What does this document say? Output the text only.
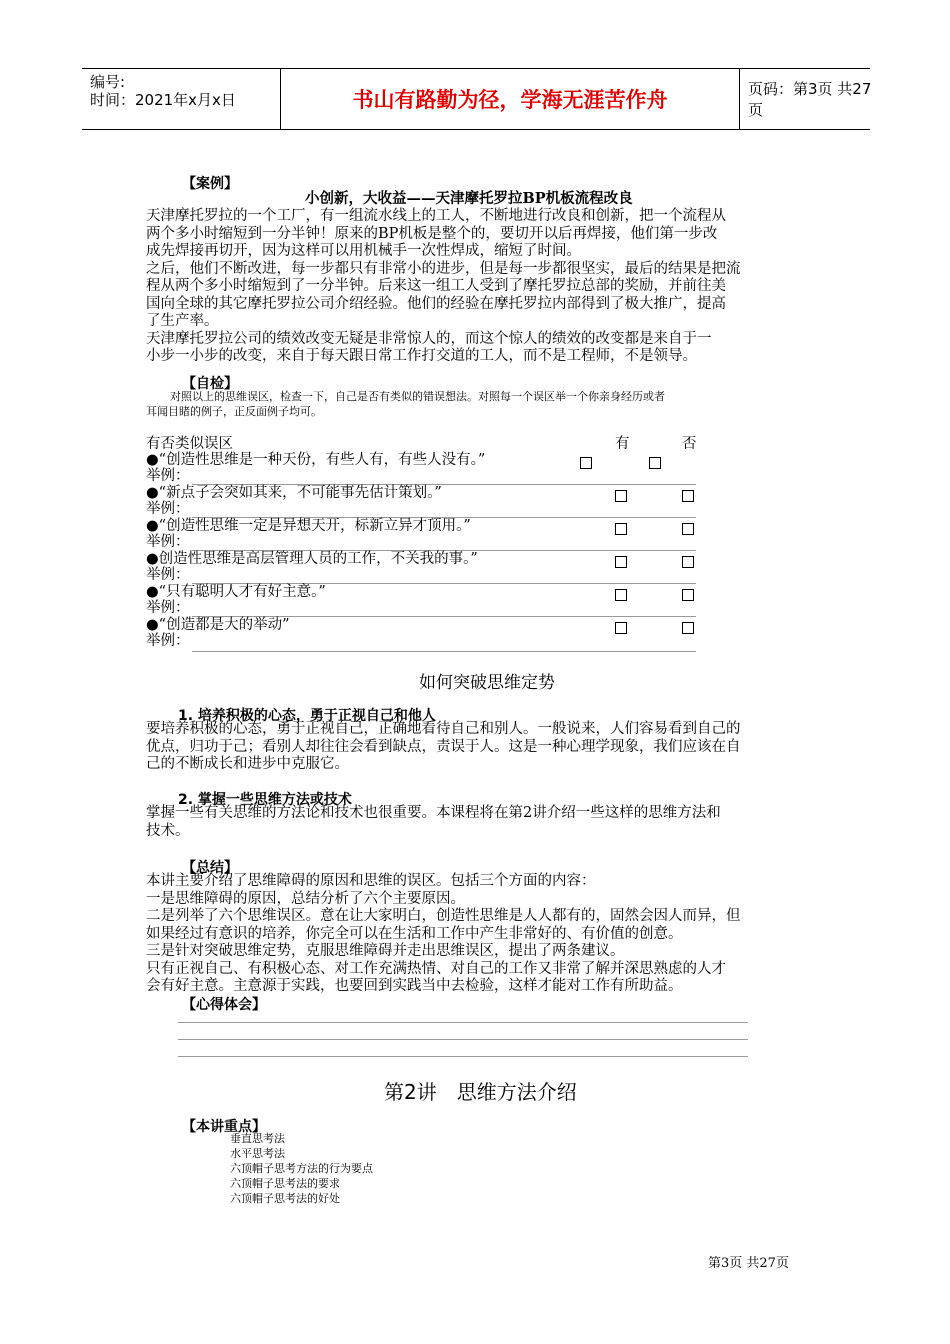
编号:
时间：2021年x月x日	书山有路勤为径，学海无涯苦作舟	页码：第3页 共27页
【案例】
小创新，大收益——天津摩托罗拉BP机板流程改良
天津摩托罗拉的一个工厂，有一组流水线上的工人，不断地进行改良和创新，把一个流程从
两个多小时缩短到一分半钟！原来的BP机板是整个的，要切开以后再焊接，他们第一步改
成先焊接再切开，因为这样可以用机械手一次性焊成，缩短了时间。
之后，他们不断改进，每一步都只有非常小的进步，但是每一步都很坚实，最后的结果是把流
程从两个多小时缩短到了一分半钟。后来这一组工人受到了摩托罗拉总部的奖励，并前往美
国向全球的其它摩托罗拉公司介绍经验。他们的经验在摩托罗拉内部得到了极大推广，提高
了生产率。
天津摩托罗拉公司的绩效改变无疑是非常惊人的，而这个惊人的绩效的改变都是来自于一
小步一小步的改变，来自于每天跟日常工作打交道的工人，而不是工程师，不是领导。
【自检】
对照以上的思维误区，检查一下，自己是否有类似的错误想法。对照每一个误区举一个你亲身经历或者
耳闻目睹的例子，正反面例子均可。
有否类似误区	有	否
●“创造性思维是一种天份，有些人有，有些人没有。”
举例：
●“新点子会突如其来，不可能事先估计策划。”
举例：
●“创造性思维一定是异想天开，标新立异才顶用。”
举例：
●创造性思维是高层管理人员的工作，不关我的事。”
举例：
●“只有聪明人才有好主意。”
举例：
●“创造都是大的举动”
举例：
如何突破思维定势
1. 培养积极的心态，勇于正视自己和他人
要培养积极的心态，勇于正视自己，正确地看待自己和别人。一般说来，人们容易看到自己的
优点，归功于己；看别人却往往会看到缺点，责误于人。这是一种心理学现象，我们应该在自
己的不断成长和进步中克服它。
2. 掌握一些思维方法或技术
掌握一些有关思维的方法论和技术也很重要。本课程将在第2讲介绍一些这样的思维方法和
技术。
【总结】
本讲主要介绍了思维障碍的原因和思维的误区。包括三个方面的内容：
一是思维障碍的原因，总结分析了六个主要原因。
二是列举了六个思维误区。意在让大家明白，创造性思维是人人都有的，固然会因人而异，但
如果经过有意识的培养，你完全可以在生活和工作中产生非常好的、有价值的创意。
三是针对突破思维定势，克服思维障碍并走出思维误区，提出了两条建议。
只有正视自己、有积极心态、对工作充满热情、对自己的工作又非常了解并深思熟虑的人才
会有好主意。主意源于实践，也要回到实践当中去检验，这样才能对工作有所助益。
【心得体会】
第2讲　思维方法介绍
【本讲重点】
垂直思考法
水平思考法
六顶帽子思考方法的行为要点
六顶帽子思考法的要求
六顶帽子思考法的好处
第3页 共27页
